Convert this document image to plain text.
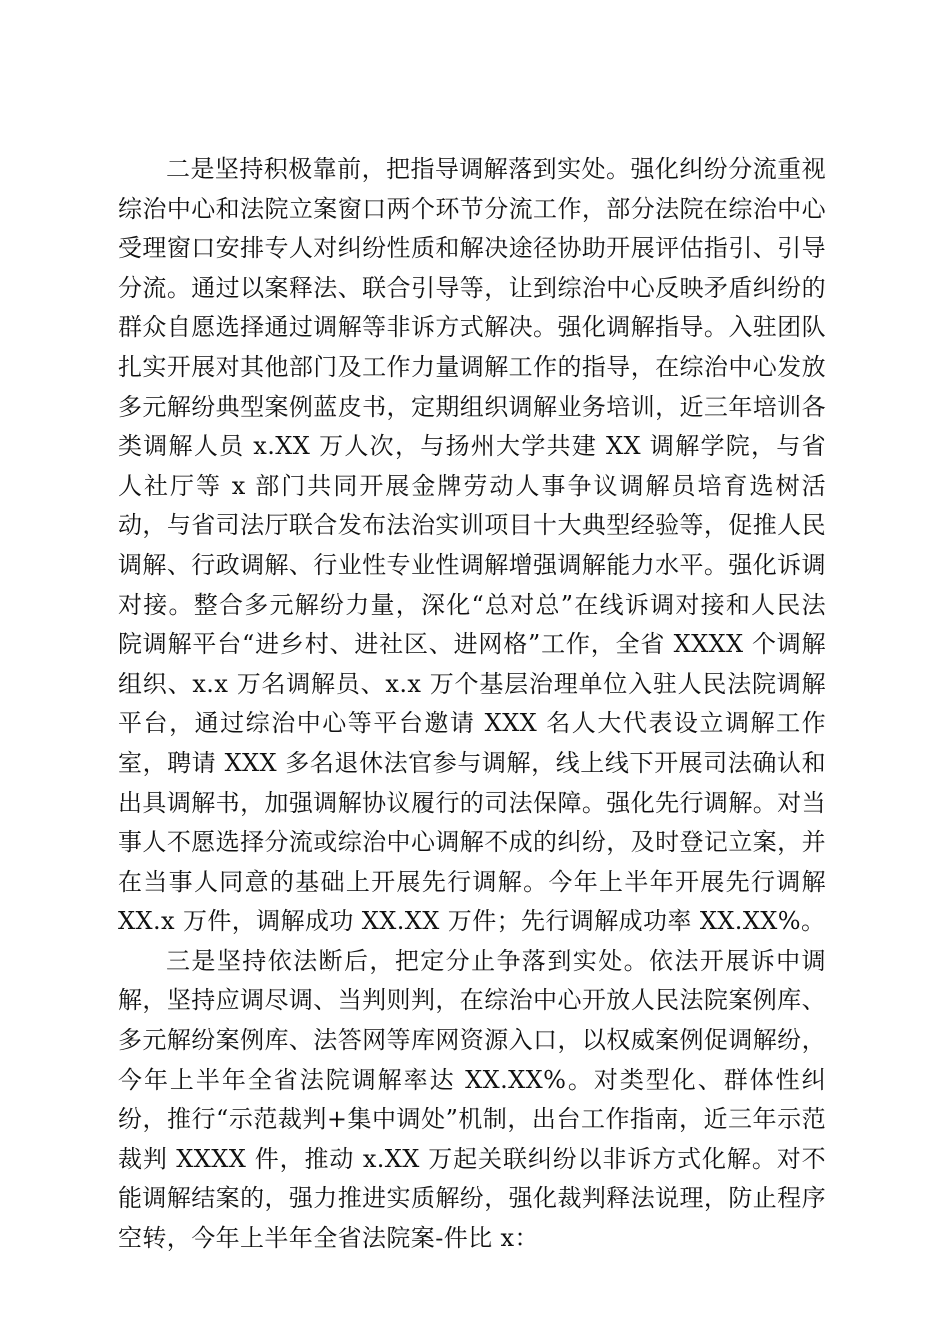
二是坚持积极靠前，把指导调解落到实处。强化纠纷分流重视综治中心和法院立案窗口两个环节分流工作，部分法院在综治中心受理窗口安排专人对纠纷性质和解决途径协助开展评估指引、引导分流。通过以案释法、联合引导等，让到综治中心反映矛盾纠纷的群众自愿选择通过调解等非诉方式解决。强化调解指导。入驻团队扎实开展对其他部门及工作力量调解工作的指导，在综治中心发放多元解纷典型案例蓝皮书，定期组织调解业务培训，近三年培训各类调解人员 x.XX 万人次，与扬州大学共建 XX 调解学院，与省人社厅等 x 部门共同开展金牌劳动人事争议调解员培育选树活动，与省司法厅联合发布法治实训项目十大典型经验等，促推人民调解、行政调解、行业性专业性调解增强调解能力水平。强化诉调对接。整合多元解纷力量，深化“总对总”在线诉调对接和人民法院调解平台“进乡村、进社区、进网格”工作，全省 XXXX 个调解组织、x.x 万名调解员、x.x 万个基层治理单位入驻人民法院调解平台，通过综治中心等平台邀请 XXX 名人大代表设立调解工作室，聘请 XXX 多名退休法官参与调解，线上线下开展司法确认和出具调解书，加强调解协议履行的司法保障。强化先行调解。对当事人不愿选择分流或综治中心调解不成的纠纷，及时登记立案，并在当事人同意的基础上开展先行调解。今年上半年开展先行调解 XX.x 万件，调解成功 XX.XX 万件；先行调解成功率 XX.XX%。

三是坚持依法断后，把定分止争落到实处。依法开展诉中调解，坚持应调尽调、当判则判，在综治中心开放人民法院案例库、多元解纷案例库、法答网等库网资源入口，以权威案例促调解纷，今年上半年全省法院调解率达 XX.XX%。对类型化、群体性纠纷，推行“示范裁判+集中调处”机制，出台工作指南，近三年示范裁判 XXXX 件，推动 x.XX 万起关联纠纷以非诉方式化解。对不能调解结案的，强力推进实质解纷，强化裁判释法说理，防止程序空转，今年上半年全省法院案-件比 x：
